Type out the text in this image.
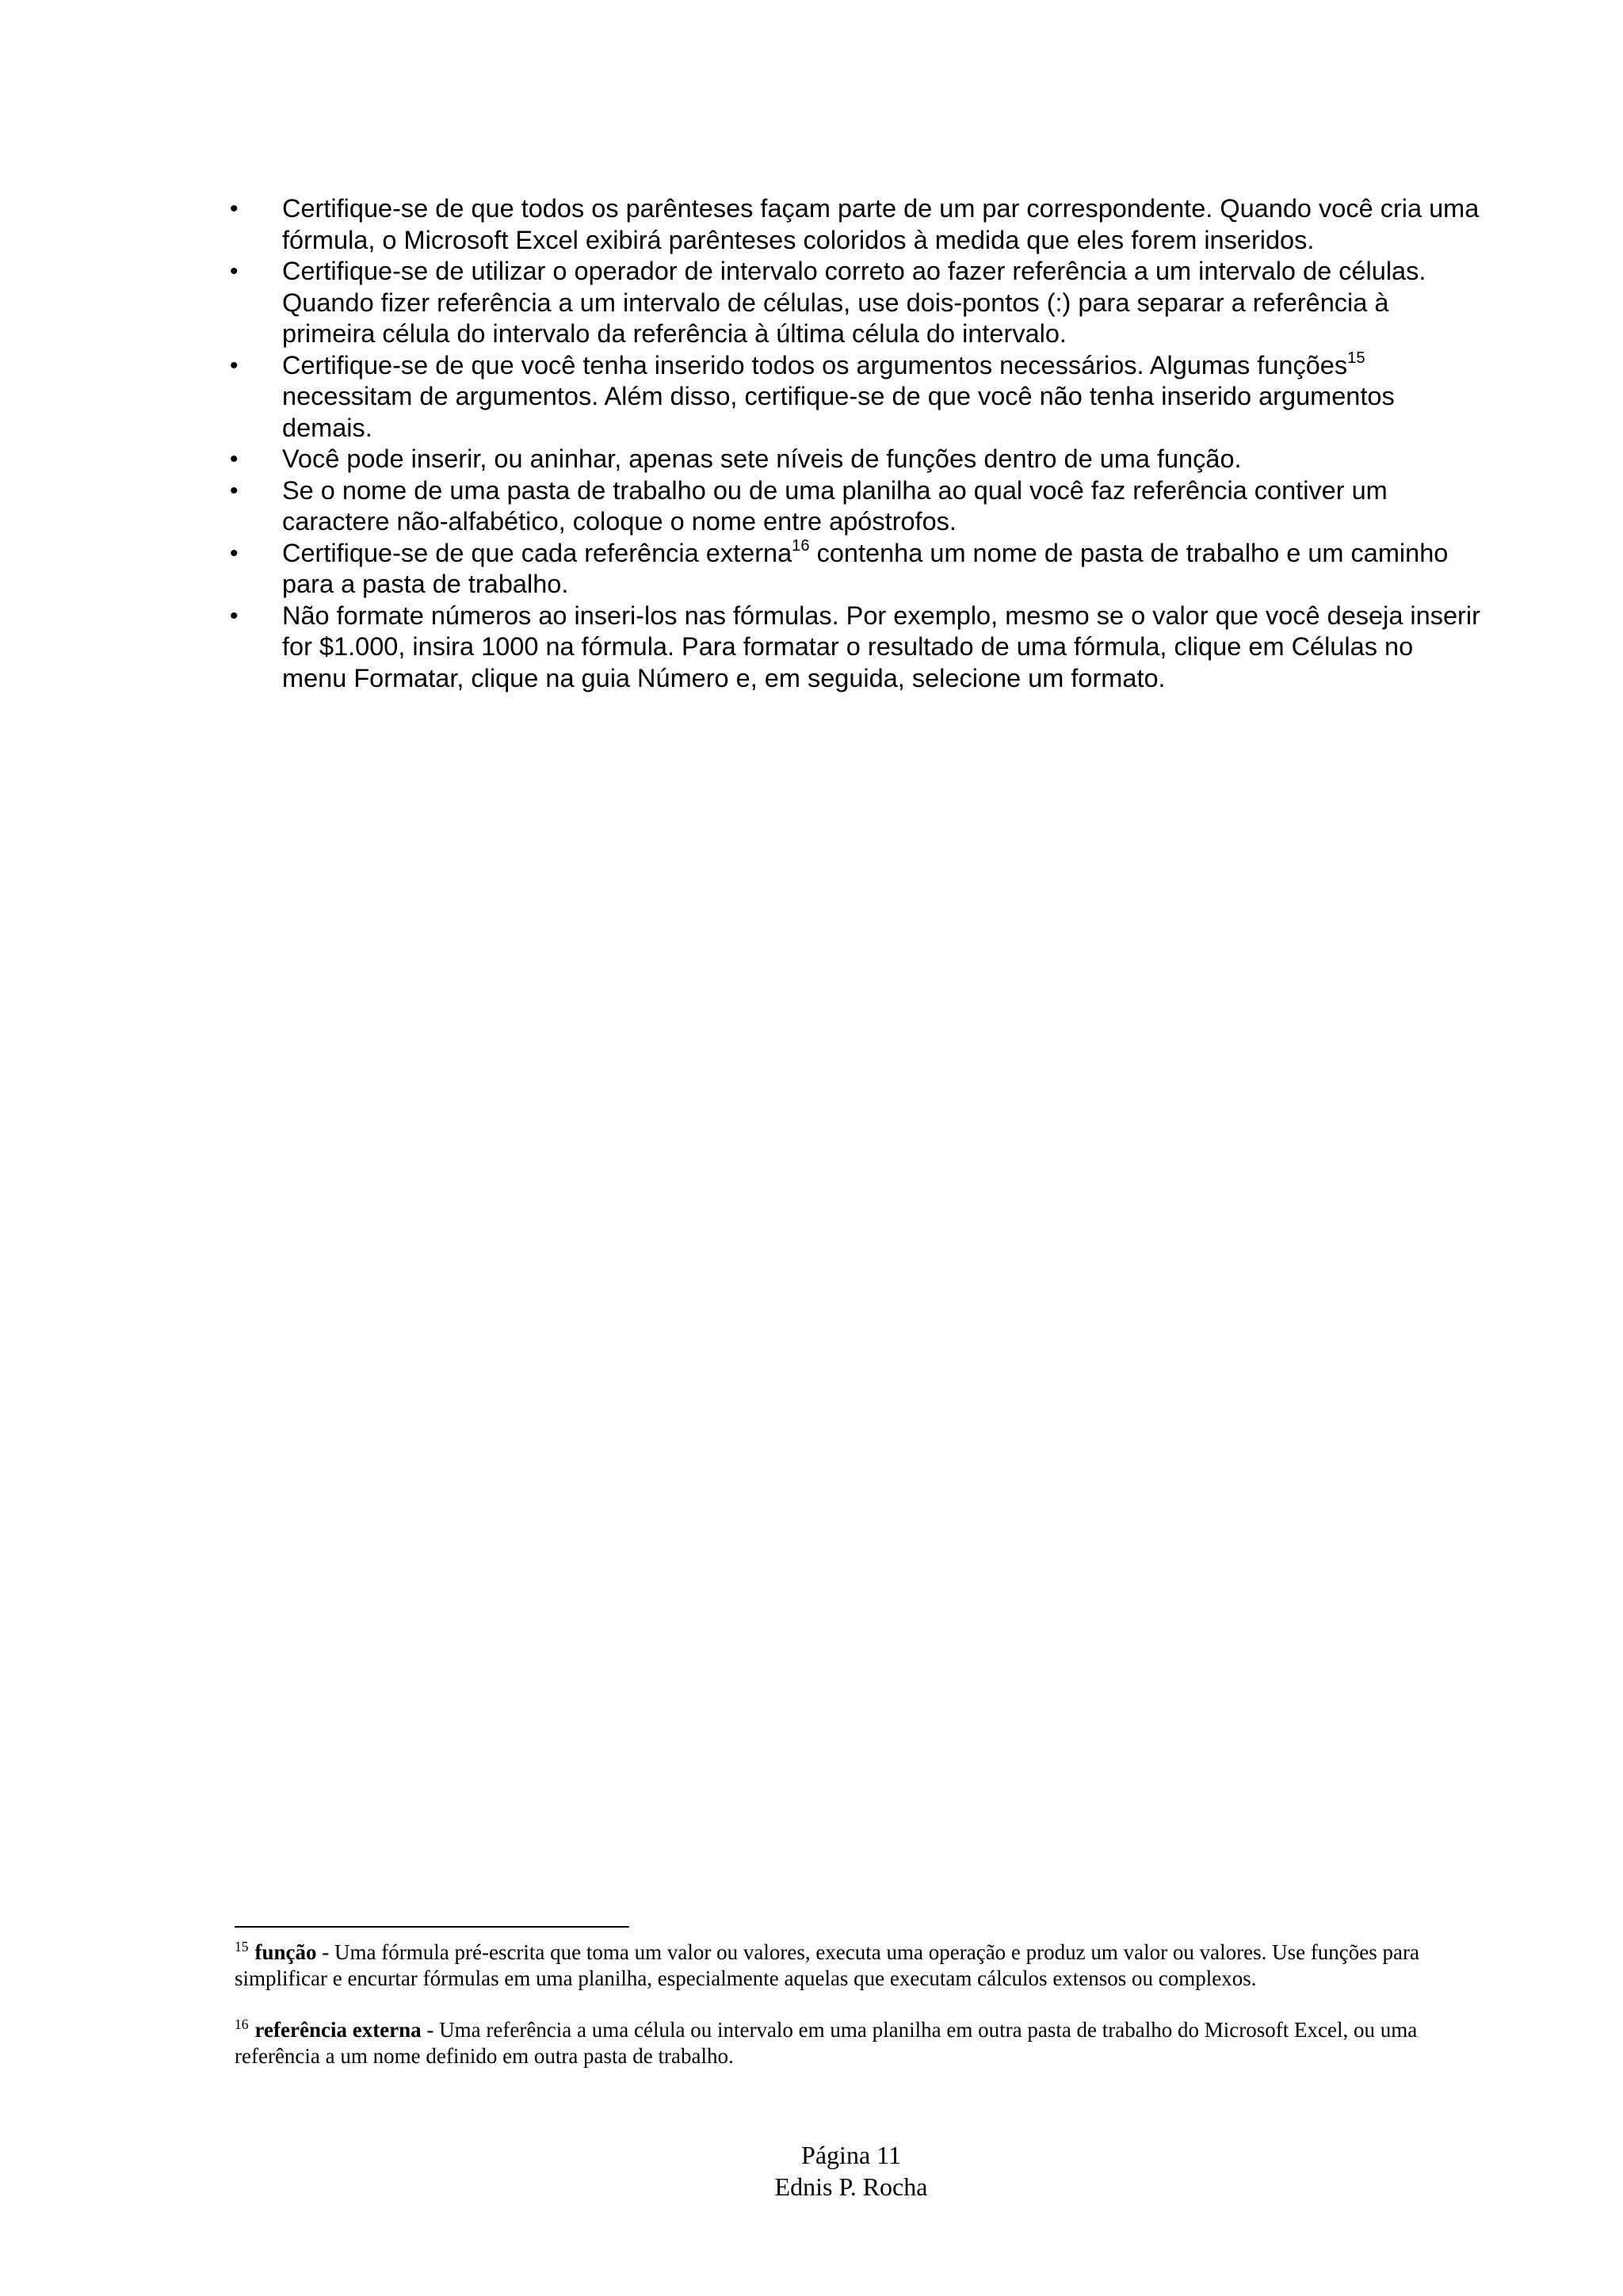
•	Certifique-se de que todos os parênteses façam parte de um par correspondente. Quando você cria uma fórmula, o Microsoft Excel exibirá parênteses coloridos à medida que eles forem inseridos.
•	Certifique-se de utilizar o operador de intervalo correto ao fazer referência a um intervalo de células. Quando fizer referência a um intervalo de células, use dois-pontos (:) para separar a referência à primeira célula do intervalo da referência à última célula do intervalo.
•	Certifique-se de que você tenha inserido todos os argumentos necessários. Algumas funções$^{15}$ necessitam de argumentos. Além disso, certifique-se de que você não tenha inserido argumentos demais.
•	Você pode inserir, ou aninhar, apenas sete níveis de funções dentro de uma função.
•	Se o nome de uma pasta de trabalho ou de uma planilha ao qual você faz referência contiver um caractere não-alfabético, coloque o nome entre apóstrofos.
•	Certifique-se de que cada referência externa$^{16}$ contenha um nome de pasta de trabalho e um caminho para a pasta de trabalho.
•	Não formate números ao inseri-los nas fórmulas. Por exemplo, mesmo se o valor que você deseja inserir for $1.000, insira 1000 na fórmula. Para formatar o resultado de uma fórmula, clique em Células no menu Formatar, clique na guia Número e, em seguida, selecione um formato.

$^{15}$ função - Uma fórmula pré-escrita que toma um valor ou valores, executa uma operação e produz um valor ou valores. Use funções para simplificar e encurtar fórmulas em uma planilha, especialmente aquelas que executam cálculos extensos ou complexos.

$^{16}$ referência externa - Uma referência a uma célula ou intervalo em uma planilha em outra pasta de trabalho do Microsoft Excel, ou uma referência a um nome definido em outra pasta de trabalho.

Página 11
Ednis P. Rocha
